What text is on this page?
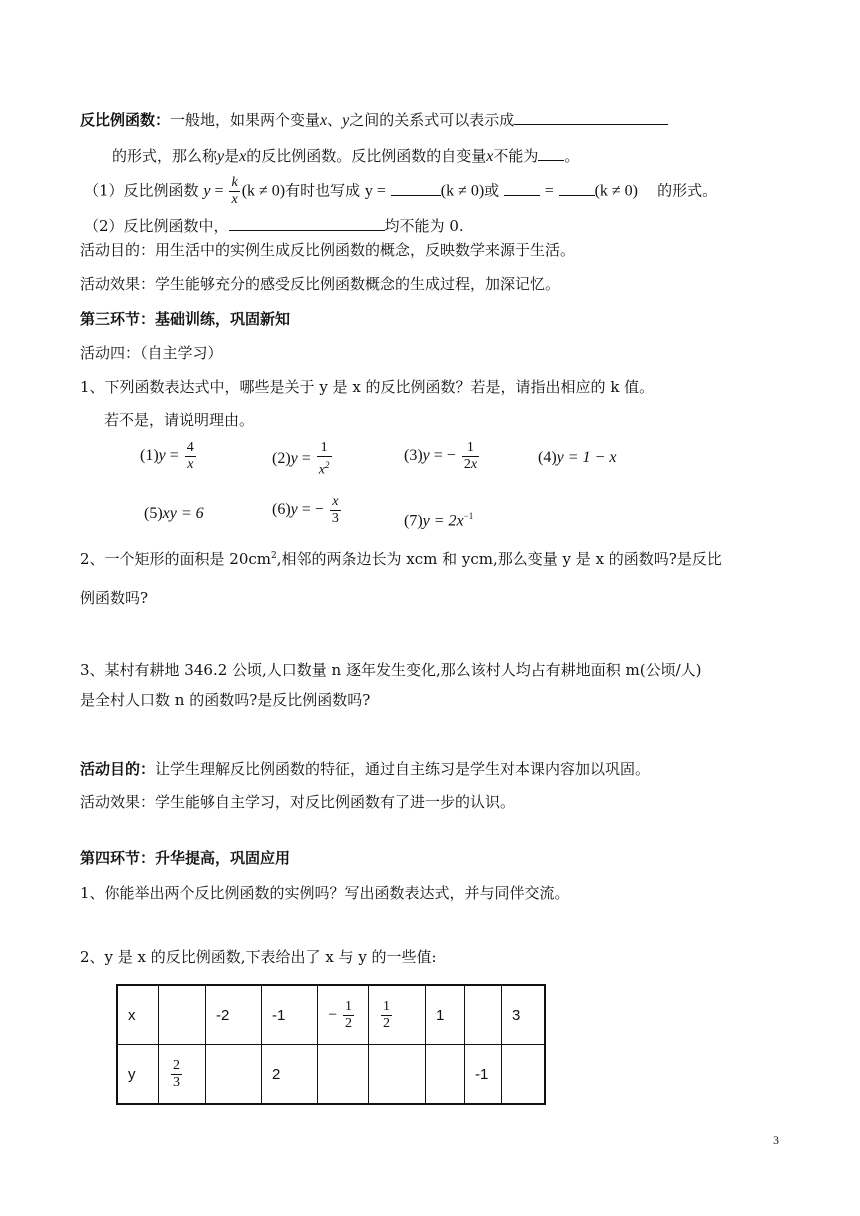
反比例函数：一般地，如果两个变量x、y之间的关系式可以表示成
的形式，那么称y是x的反比例函数。反比例函数的自变量x不能为 。
（1）反比例函数 $y = \frac{k}{x} (k \ne 0)$有时也写成 y =	(k ≠ 0)或	=	(k ≠ 0) 的形式。
（2）反比例函数中，	均不能为 0.
活动目的：用生活中的实例生成反比例函数的概念，反映数学来源于生活。
活动效果：学生能够充分的感受反比例函数概念的生成过程，加深记忆。
第三环节：基础训练，巩固新知
活动四：（自主学习）
1、下列函数表达式中，哪些是关于 y 是 x 的反比例函数？若是，请指出相应的 k 值。
若不是，请说明理由。
$(1)y = \frac{4}{x}$	$(2)y = \frac{1}{x^2}$	(3)y = − $\frac{1}{2x}$	(4)y = 1 − x
(5)xy = 6	(6)y = − $\frac{x}{3}$	$(7)y = 2x^{-1}$
2、一个矩形的面积是 $20cm^2$,相邻的两条边长为 xcm 和 ycm,那么变量 y 是 x 的函数吗?是反比
例函数吗?
3、某村有耕地 346.2 公顷,人口数量 n 逐年发生变化,那么该村人均占有耕地面积 m(公顷/人)
是全村人口数 n 的函数吗?是反比例函数吗?
活动目的：让学生理解反比例函数的特征，通过自主练习是学生对本课内容加以巩固。
活动效果：学生能够自主学习，对反比例函数有了进一步的认识。
第四环节：升华提高，巩固应用
1、你能举出两个反比例函数的实例吗？写出函数表达式，并与同伴交流。
2、y 是 x 的反比例函数,下表给出了 x 与 y 的一些值:
x		-2	-1	− $\frac{1}{2}$	$\frac{1}{2}$	1		3
y	$\frac{2}{3}$		2				-1	
3
